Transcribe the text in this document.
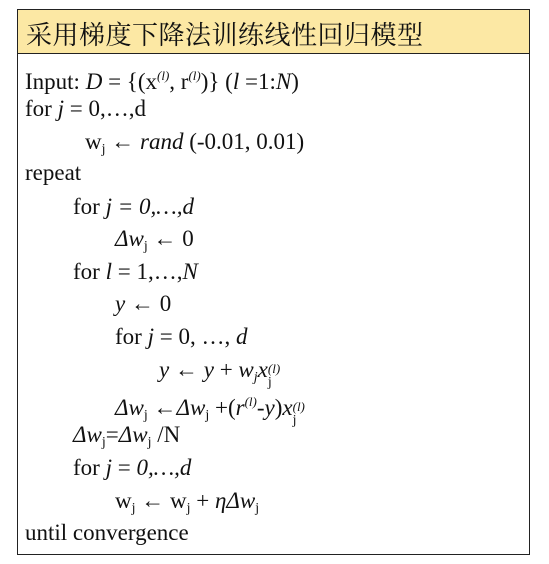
采用梯度下降法训练线性回归模型
Input: $D = \{(x^{(l)}$, $r^{(l)}$)} (l =1:N)
for j = 0,…,d
$w_j$ ← rand (-0.01, 0.01)
repeat
for j = 0,…,d
$\Delta w_j$ ← 0
for l = 1,…,N
y ← 0
for j = 0, …, d
y ← $y + w_jx$ (l)
j
$\Delta w_j$ $\leftarrow\Delta w_j +(r^{(l)}-y)x$ (l)
j
$\Delta w_j=\Delta w_j$ /N
for j = 0,…,d
$w_j$ ← $w_j + \eta\Delta w_j$
until convergence
